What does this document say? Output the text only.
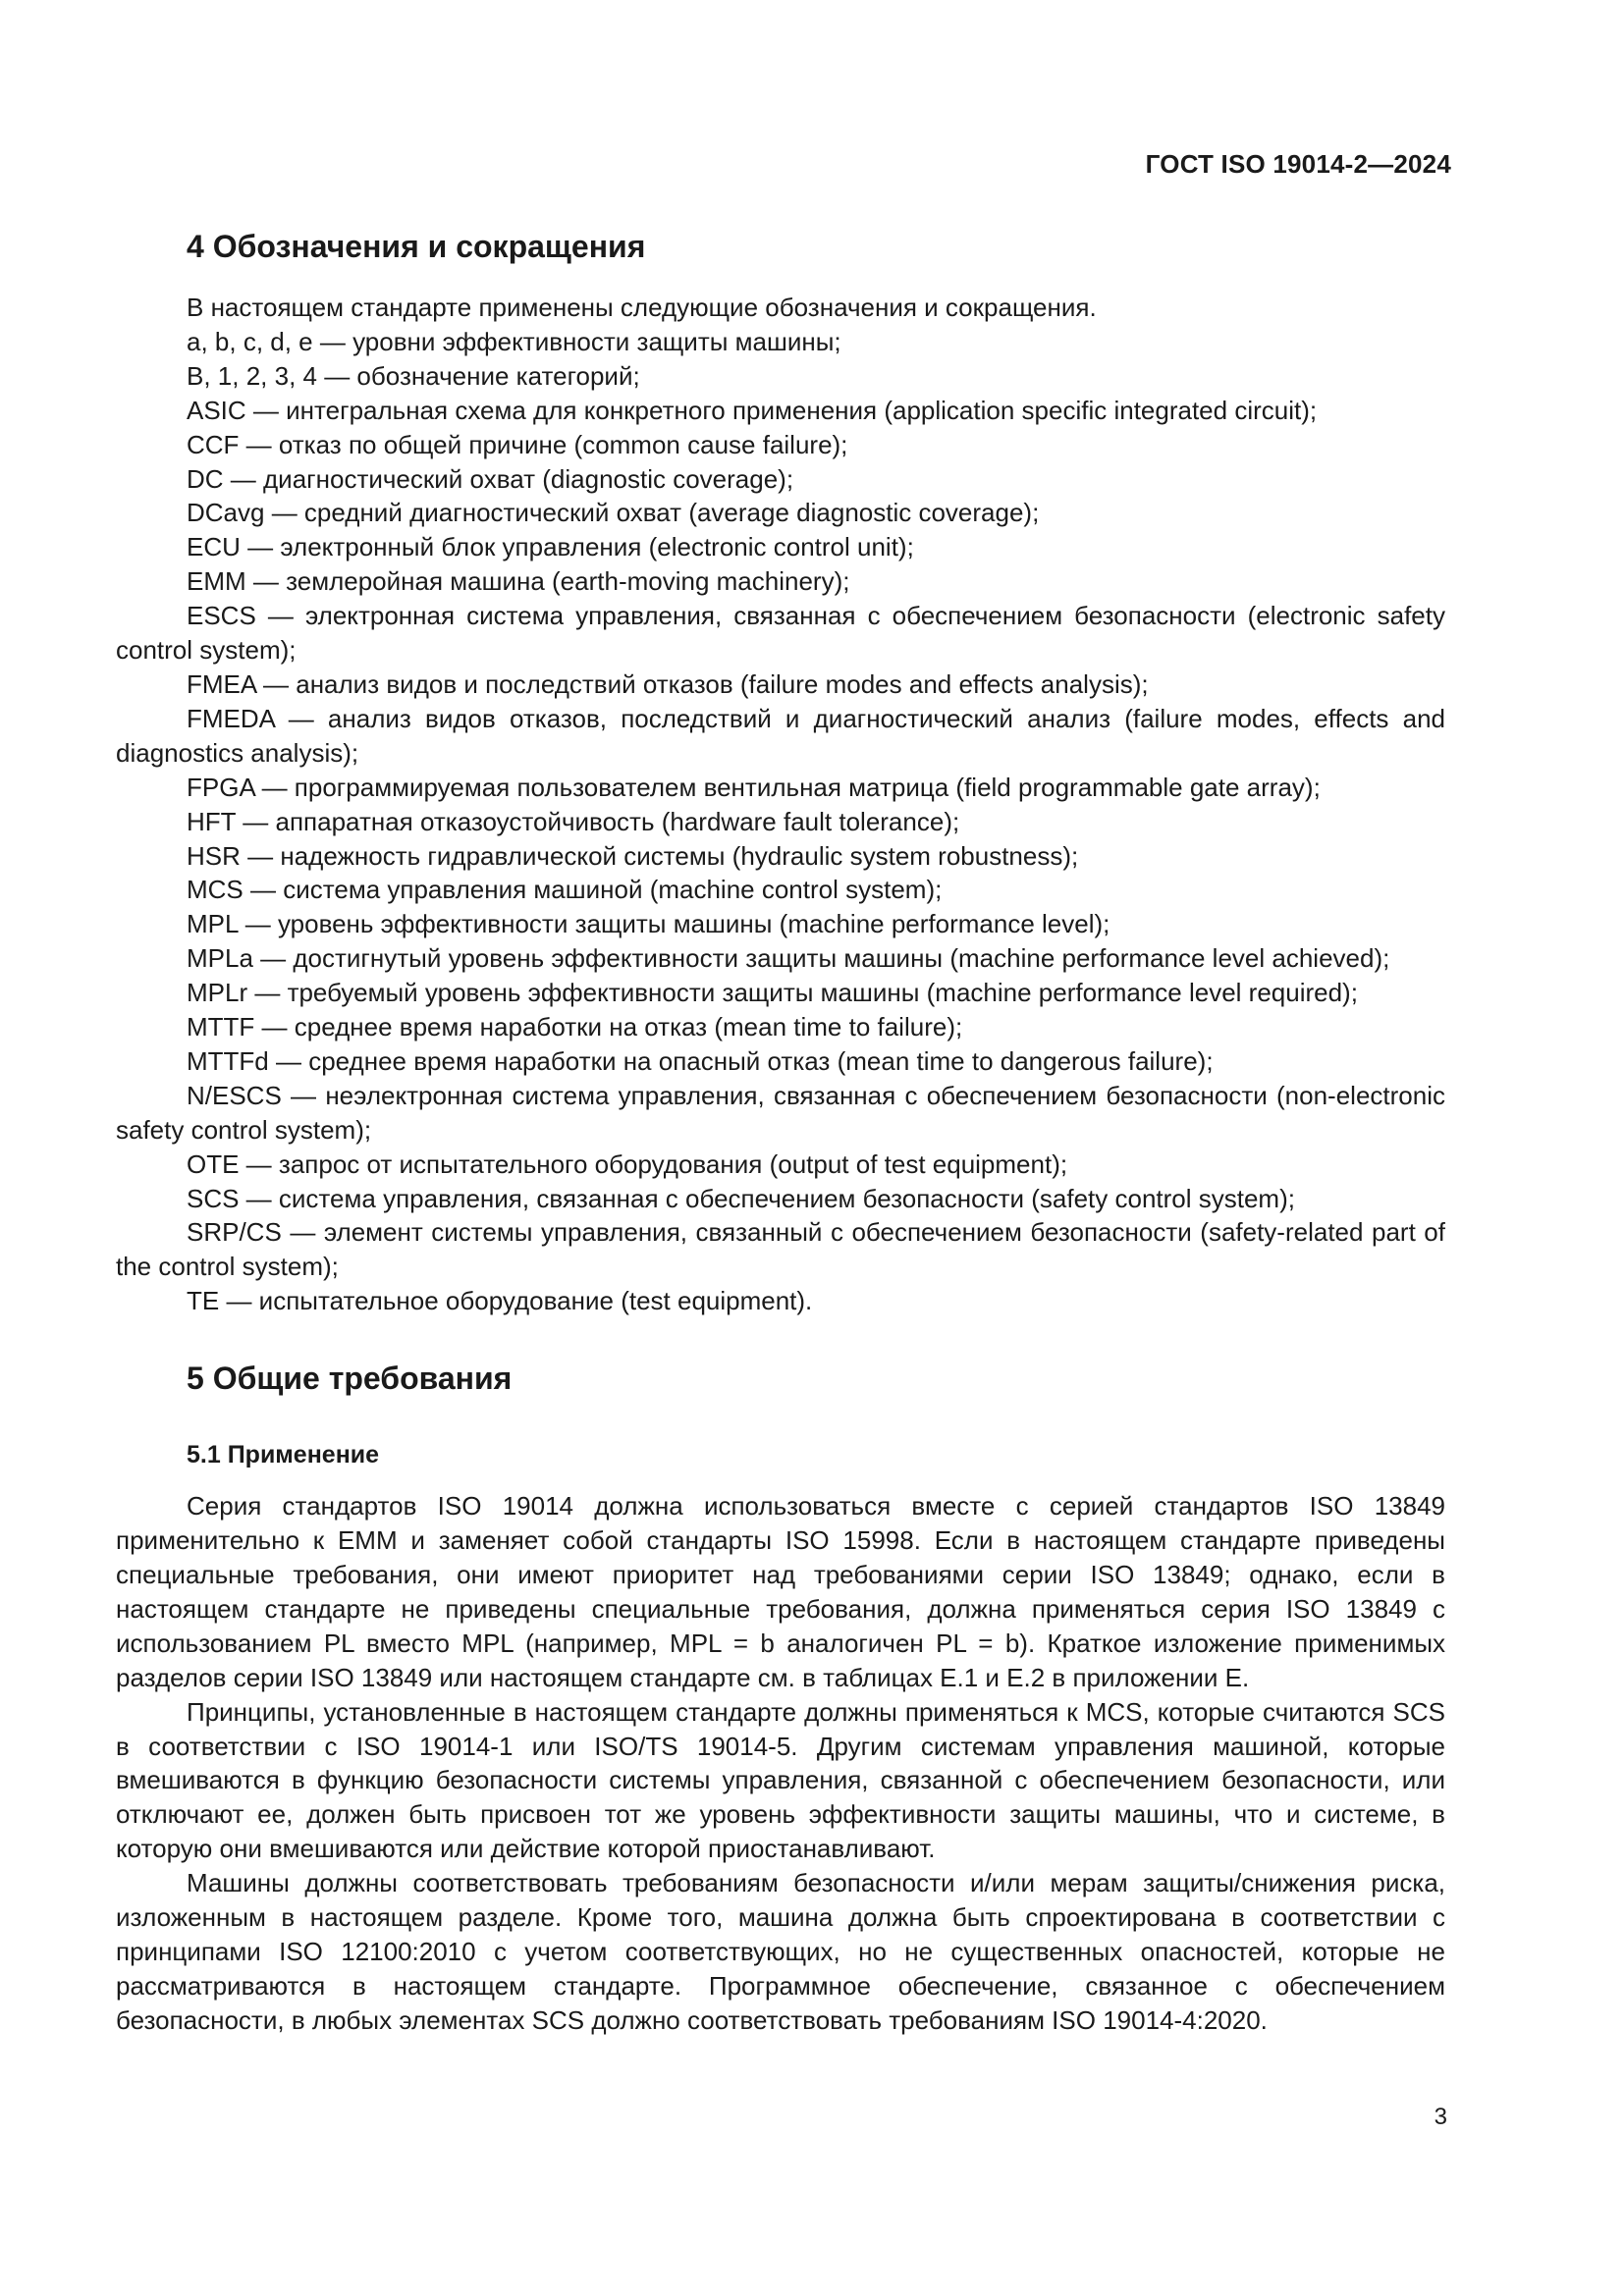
ГОСТ ISO 19014-2—2024
4 Обозначения и сокращения

В настоящем стандарте применены следующие обозначения и сокращения.

a, b, c, d, e — уровни эффективности защиты машины;

B, 1, 2, 3, 4 — обозначение категорий;

ASIC — интегральная схема для конкретного применения (application specific integrated circuit);

CCF — отказ по общей причине (common cause failure);

DC — диагностический охват (diagnostic coverage);

DCavg — средний диагностический охват (average diagnostic coverage);

ECU — электронный блок управления (electronic control unit);

EMM — землеройная машина (earth-moving machinery);

ESCS — электронная система управления, связанная с обеспечением безопасности (electronic safety control system);

FMEA — анализ видов и последствий отказов (failure modes and effects analysis);

FMEDA — анализ видов отказов, последствий и диагностический анализ (failure modes, effects and diagnostics analysis);

FPGA — программируемая пользователем вентильная матрица (field programmable gate array);

HFT — аппаратная отказоустойчивость (hardware fault tolerance);

HSR — надежность гидравлической системы (hydraulic system robustness);

MCS — система управления машиной (machine control system);

MPL — уровень эффективности защиты машины (machine performance level);

MPLa — достигнутый уровень эффективности защиты машины (machine performance level achieved);

MPLr — требуемый уровень эффективности защиты машины (machine performance level required);

MTTF — среднее время наработки на отказ (mean time to failure);

MTTFd — среднее время наработки на опасный отказ (mean time to dangerous failure);

N/ESCS — неэлектронная система управления, связанная с обеспечением безопасности (non-electronic safety control system);

OTE — запрос от испытательного оборудования (output of test equipment);

SCS — система управления, связанная с обеспечением безопасности (safety control system);

SRP/CS — элемент системы управления, связанный с обеспечением безопасности (safety-related part of the control system);

TE — испытательное оборудование (test equipment).

5 Общие требования
5.1 Применение

Серия стандартов ISO 19014 должна использоваться вместе с серией стандартов ISO 13849 применительно к EMM и заменяет собой стандарты ISO 15998. Если в настоящем стандарте приведены специальные требования, они имеют приоритет над требованиями серии ISO 13849; однако, если в настоящем стандарте не приведены специальные требования, должна применяться серия ISO 13849 с использованием PL вместо MPL (например, MPL = b аналогичен PL = b). Краткое изложение применимых разделов серии ISO 13849 или настоящем стандарте см. в таблицах E.1 и E.2 в приложении E.

Принципы, установленные в настоящем стандарте должны применяться к MCS, которые считаются SCS в соответствии с ISO 19014-1 или ISO/TS 19014-5. Другим системам управления машиной, которые вмешиваются в функцию безопасности системы управления, связанной с обеспечением безопасности, или отключают ее, должен быть присвоен тот же уровень эффективности защиты машины, что и системе, в которую они вмешиваются или действие которой приостанавливают.

Машины должны соответствовать требованиям безопасности и/или мерам защиты/снижения риска, изложенным в настоящем разделе. Кроме того, машина должна быть спроектирована в соответствии с принципами ISO 12100:2010 с учетом соответствующих, но не существенных опасностей, которые не рассматриваются в настоящем стандарте. Программное обеспечение, связанное с обеспечением безопасности, в любых элементах SCS должно соответствовать требованиям ISO 19014-4:2020.

3
